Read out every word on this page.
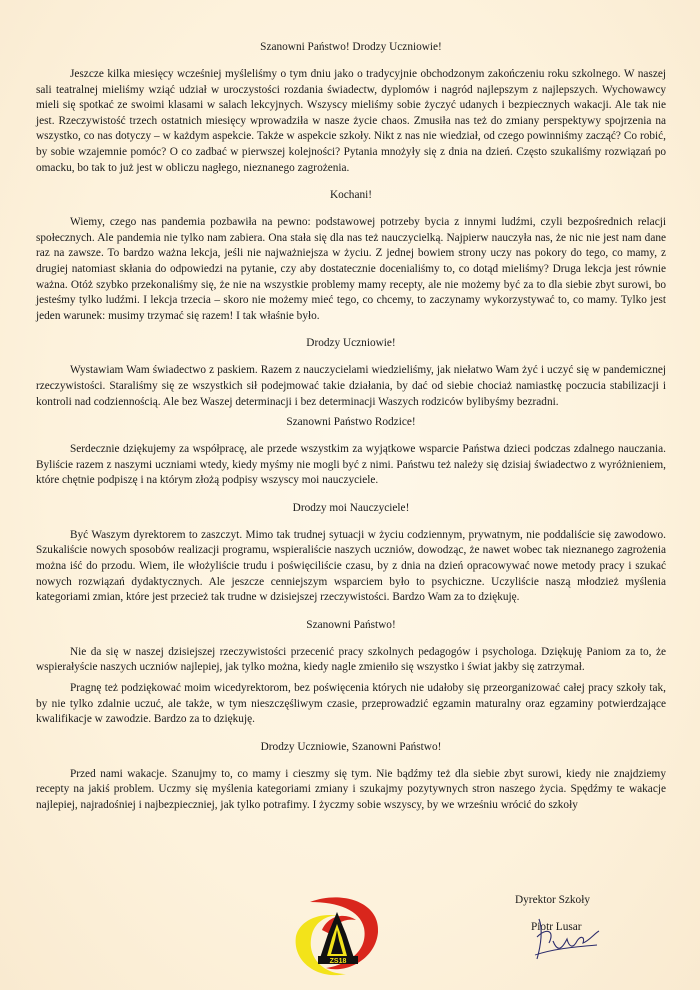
Szanowni Państwo! Drodzy Uczniowie!

Jeszcze kilka miesięcy wcześniej myśleliśmy o tym dniu jako o tradycyjnie obchodzonym zakończeniu roku szkolnego. W naszej sali teatralnej mieliśmy wziąć udział w uroczystości rozdania świadectw, dyplomów i nagród najlepszym z najlepszych. Wychowawcy mieli się spotkać ze swoimi klasami w salach lekcyjnych. Wszyscy mieliśmy sobie życzyć udanych i bezpiecznych wakacji. Ale tak nie jest. Rzeczywistość trzech ostatnich miesięcy wprowadziła w nasze życie chaos. Zmusiła nas też do zmiany perspektywy spojrzenia na wszystko, co nas dotyczy – w każdym aspekcie. Także w aspekcie szkoły. Nikt z nas nie wiedział, od czego powinniśmy zacząć? Co robić, by sobie wzajemnie pomóc? O co zadbać w pierwszej kolejności? Pytania mnożyły się z dnia na dzień. Często szukaliśmy rozwiązań po omacku, bo tak to już jest w obliczu nagłego, nieznanego zagrożenia.

Kochani!

Wiemy, czego nas pandemia pozbawiła na pewno: podstawowej potrzeby bycia z innymi ludźmi, czyli bezpośrednich relacji społecznych. Ale pandemia nie tylko nam zabiera. Ona stała się dla nas też nauczycielką. Najpierw nauczyła nas, że nic nie jest nam dane raz na zawsze. To bardzo ważna lekcja, jeśli nie najważniejsza w życiu. Z jednej bowiem strony uczy nas pokory do tego, co mamy, z drugiej natomiast skłania do odpowiedzi na pytanie, czy aby dostatecznie docenialiśmy to, co dotąd mieliśmy? Druga lekcja jest równie ważna. Otóż szybko przekonaliśmy się, że nie na wszystkie problemy mamy recepty, ale nie możemy być za to dla siebie zbyt surowi, bo jesteśmy tylko ludźmi. I lekcja trzecia – skoro nie możemy mieć tego, co chcemy, to zaczynamy wykorzystywać to, co mamy. Tylko jest jeden warunek: musimy trzymać się razem! I tak właśnie było.

Drodzy Uczniowie!

Wystawiam Wam świadectwo z paskiem. Razem z nauczycielami wiedzieliśmy, jak niełatwo Wam żyć i uczyć się w pandemicznej rzeczywistości. Staraliśmy się ze wszystkich sił podejmować takie działania, by dać od siebie chociaż namiastkę poczucia stabilizacji i kontroli nad codziennością. Ale bez Waszej determinacji i bez determinacji Waszych rodziców bylibyśmy bezradni.

Szanowni Państwo Rodzice!

Serdecznie dziękujemy za współpracę, ale przede wszystkim za wyjątkowe wsparcie Państwa dzieci podczas zdalnego nauczania. Byliście razem z naszymi uczniami wtedy, kiedy myśmy nie mogli być z nimi. Państwu też należy się dzisiaj świadectwo z wyróżnieniem, które chętnie podpiszę i na którym złożą podpisy wszyscy moi nauczyciele.

Drodzy moi Nauczyciele!

Być Waszym dyrektorem to zaszczyt. Mimo tak trudnej sytuacji w życiu codziennym, prywatnym, nie poddaliście się zawodowo. Szukaliście nowych sposobów realizacji programu, wspieraliście naszych uczniów, dowodząc, że nawet wobec tak nieznanego zagrożenia można iść do przodu. Wiem, ile włożyliście trudu i poświęciliście czasu, by z dnia na dzień opracowywać nowe metody pracy i szukać nowych rozwiązań dydaktycznych. Ale jeszcze cenniejszym wsparciem było to psychiczne. Uczyliście naszą młodzież myślenia kategoriami zmian, które jest przecież tak trudne w dzisiejszej rzeczywistości. Bardzo Wam za to dziękuję.

Szanowni Państwo!

Nie da się w naszej dzisiejszej rzeczywistości przecenić pracy szkolnych pedagogów i psychologa. Dziękuję Paniom za to, że wspierałyście naszych uczniów najlepiej, jak tylko można, kiedy nagle zmieniło się wszystko i świat jakby się zatrzymał.

Pragnę też podziękować moim wicedyrektorom, bez poświęcenia których nie udałoby się przeorganizować całej pracy szkoły tak, by nie tylko zdalnie uczuć, ale także, w tym nieszczęśliwym czasie, przeprowadzić egzamin maturalny oraz egzaminy potwierdzające kwalifikacje w zawodzie. Bardzo za to dziękuję.

Drodzy Uczniowie, Szanowni Państwo!

Przed nami wakacje. Szanujmy to, co mamy i cieszmy się tym. Nie bądźmy też dla siebie zbyt surowi, kiedy nie znajdziemy recepty na jakiś problem. Uczmy się myślenia kategoriami zmiany i szukajmy pozytywnych stron naszego życia. Spędźmy te wakacje najlepiej, najradośniej i najbezpieczniej, jak tylko potrafimy. I życzmy sobie wszyscy, by we wrześniu wrócić do szkoły

ZS18
Dyrektor Szkoły
Piotr Lusar
